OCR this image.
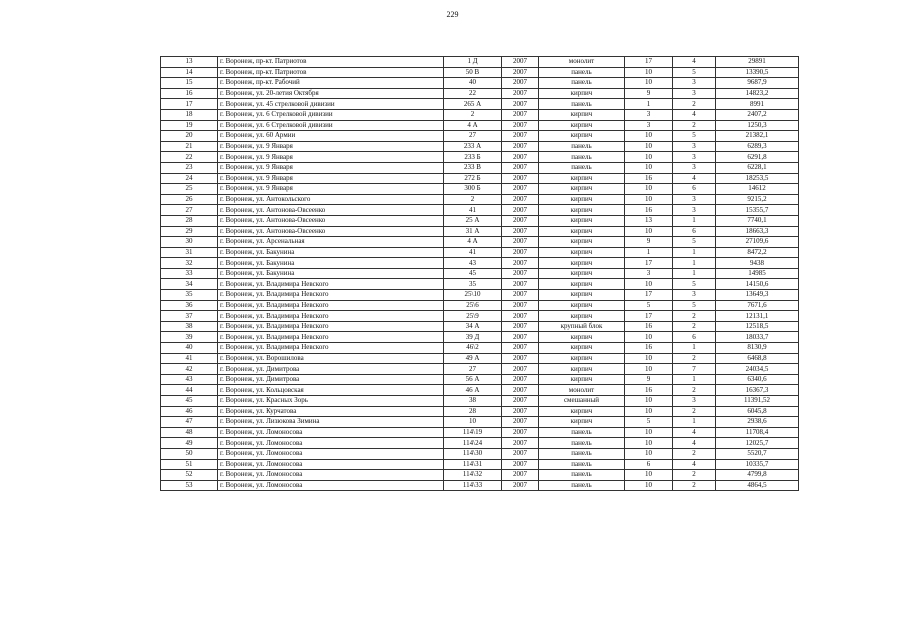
229
13	г. Воронеж, пр-кт. Патриотов	1 Д	2007	монолит	17	4	29891
14	г. Воронеж, пр-кт. Патриотов	50 В	2007	панель	10	5	13390,5
15	г. Воронеж, пр-кт. Рабочий	40	2007	панель	10	3	9687,9
16	г. Воронеж, ул. 20-летия Октября	22	2007	кирпич	9	3	14823,2
17	г. Воронеж, ул. 45 стрелковой дивизии	265 А	2007	панель	1	2	8991
18	г. Воронеж, ул. 6 Стрелковой дивизии	2	2007	кирпич	3	4	2407,2
19	г. Воронеж, ул. 6 Стрелковой дивизии	4 А	2007	кирпич	3	2	1250,3
20	г. Воронеж, ул. 60 Армии	27	2007	кирпич	10	5	21382,1
21	г. Воронеж, ул. 9 Января	233 А	2007	панель	10	3	6289,3
22	г. Воронеж, ул. 9 Января	233 Б	2007	панель	10	3	6291,8
23	г. Воронеж, ул. 9 Января	233 В	2007	панель	10	3	6228,1
24	г. Воронеж, ул. 9 Января	272 Б	2007	кирпич	16	4	18253,5
25	г. Воронеж, ул. 9 Января	300 Б	2007	кирпич	10	6	14612
26	г. Воронеж, ул. Антокольского	2	2007	кирпич	10	3	9215,2
27	г. Воронеж, ул. Антонова-Овсеенко	41	2007	кирпич	16	3	15355,7
28	г. Воронеж, ул. Антонова-Овсеенко	25 А	2007	кирпич	13	1	7740,1
29	г. Воронеж, ул. Антонова-Овсеенко	31 А	2007	кирпич	10	6	18663,3
30	г. Воронеж, ул. Арсенальная	4 А	2007	кирпич	9	5	27109,6
31	г. Воронеж, ул. Бакунина	41	2007	кирпич	1	1	8472,2
32	г. Воронеж, ул. Бакунина	43	2007	кирпич	17	1	9438
33	г. Воронеж, ул. Бакунина	45	2007	кирпич	3	1	14985
34	г. Воронеж, ул. Владимира Невского	35	2007	кирпич	10	5	14150,6
35	г. Воронеж, ул. Владимира Невского	25\10	2007	кирпич	17	3	13649,3
36	г. Воронеж, ул. Владимира Невского	25\6	2007	кирпич	5	5	7671,6
37	г. Воронеж, ул. Владимира Невского	25\9	2007	кирпич	17	2	12131,1
38	г. Воронеж, ул. Владимира Невского	34 А	2007	крупный блок	16	2	12518,5
39	г. Воронеж, ул. Владимира Невского	39 Д	2007	кирпич	10	6	18033,7
40	г. Воронеж, ул. Владимира Невского	46\2	2007	кирпич	16	1	8130,9
41	г. Воронеж, ул. Ворошилова	49 А	2007	кирпич	10	2	6468,8
42	г. Воронеж, ул. Димитрова	27	2007	кирпич	10	7	24034,5
43	г. Воронеж, ул. Димитрова	56 А	2007	кирпич	9	1	6340,6
44	г. Воронеж, ул. Кольцовская	46 А	2007	монолит	16	2	16367,3
45	г. Воронеж, ул. Красных Зорь	38	2007	смешанный	10	3	11391,52
46	г. Воронеж, ул. Курчатова	28	2007	кирпич	10	2	6045,8
47	г. Воронеж, ул. Лизюкова Зимина	10	2007	кирпич	5	1	2938,6
48	г. Воронеж, ул. Ломоносова	114\19	2007	панель	10	4	11708,4
49	г. Воронеж, ул. Ломоносова	114\24	2007	панель	10	4	12025,7
50	г. Воронеж, ул. Ломоносова	114\30	2007	панель	10	2	5520,7
51	г. Воронеж, ул. Ломоносова	114\31	2007	панель	6	4	10335,7
52	г. Воронеж, ул. Ломоносова	114\32	2007	панель	10	2	4799,8
53	г. Воронеж, ул. Ломоносова	114\33	2007	панель	10	2	4864,5
